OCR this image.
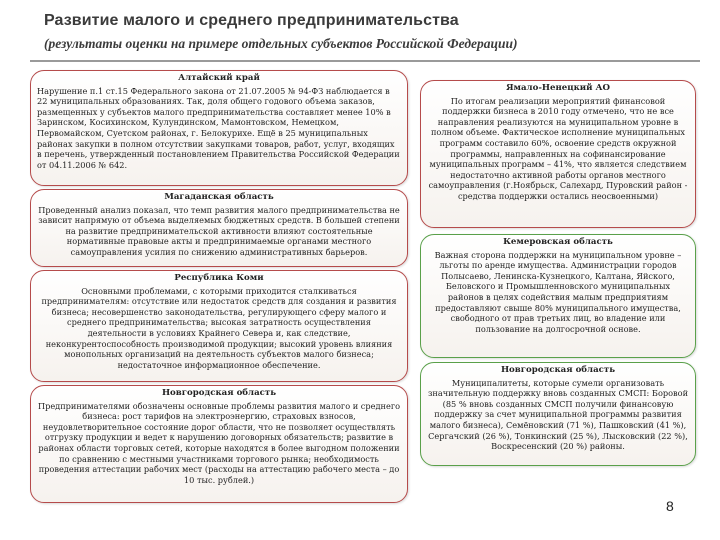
Развитие малого и среднего предпринимательства
(результаты оценки на примере отдельных субъектов Российской Федерации)
Алтайский край

Нарушение п.1 ст.15 Федерального закона от 21.07.2005 № 94-ФЗ наблюдается в 22 муниципальных образованиях. Так, доля общего годового объема заказов, размещенных у субъектов малого предпринимательства составляет менее 10% в Заринском, Косихинском, Кулундинском, Мамонтовском, Немецком, Первомайском, Суетском районах, г. Белокурихе. Ещё в 25 муниципальных районах закупки в полном отсутствии закупками товаров, работ, услуг, входящих в перечень, утвержденный постановлением Правительства Российской Федерации от 04.11.2006 № 642.

Магаданская область

Проведенный анализ показал, что темп развития малого предпринимательства не зависит напрямую от объема выделяемых бюджетных средств. В большей степени на развитие предпринимательской активности влияют состоятельные нормативные правовые акты и предпринимаемые органами местного самоуправления усилия по снижению административных барьеров.

Республика Коми

Основными проблемами, с которыми приходится сталкиваться предпринимателям: отсутствие или недостаток средств для создания и развития бизнеса; несовершенство законодательства, регулирующего сферу малого и среднего предпринимательства; высокая затратность осуществления деятельности в условиях Крайнего Севера и, как следствие, неконкурентоспособность производимой продукции; высокий уровень влияния монопольных организаций на деятельность субъектов малого бизнеса; недостаточное информационное обеспечение.

Новгородская область

Предпринимателями обозначены основные проблемы развития малого и среднего бизнеса: рост тарифов на электроэнергию, страховых взносов, неудовлетворительное состояние дорог области, что не позволяет осуществлять отгрузку продукции и ведет к нарушению договорных обязательств; развитие в районах области торговых сетей, которые находятся в более выгодном положении по сравнению с местными участниками торгового рынка; необходимость проведения аттестации рабочих мест (расходы на аттестацию рабочего места – до 10 тыс. рублей.)

Ямало-Ненецкий АО

По итогам реализации мероприятий финансовой поддержки бизнеса в 2010 году отмечено, что не все направления реализуются на муниципальном уровне в полном объеме. Фактическое исполнение муниципальных программ составило 60%, освоение средств окружной программы, направленных на софинансирование муниципальных программ – 41%, что является следствием недостаточно активной работы органов местного самоуправления (г.Ноябрьск, Салехард, Пуровский район - средства поддержки остались неосвоенными)

Кемеровская область

Важная сторона поддержки на муниципальном уровне – льготы по аренде имущества. Администрации городов Полысаево, Ленинска-Кузнецкого, Калтана, Яйского, Беловского и Промышленновского муниципальных районов в целях содействия малым предприятиям предоставляют свыше 80% муниципального имущества, свободного от прав третьих лиц, во владение или пользование на долгосрочной основе.

Новгородская область

Муниципалитеты, которые сумели организовать значительную поддержку вновь созданных СМСП: Боровой (85 % вновь созданных СМСП получили финансовую поддержку за счет муниципальной программы развития малого бизнеса), Семёновский (71 %), Пашковский (41 %), Сергачский (26 %), Тонкинский (25 %), Лысковский (22 %), Воскресенский (20 %) районы.

8
